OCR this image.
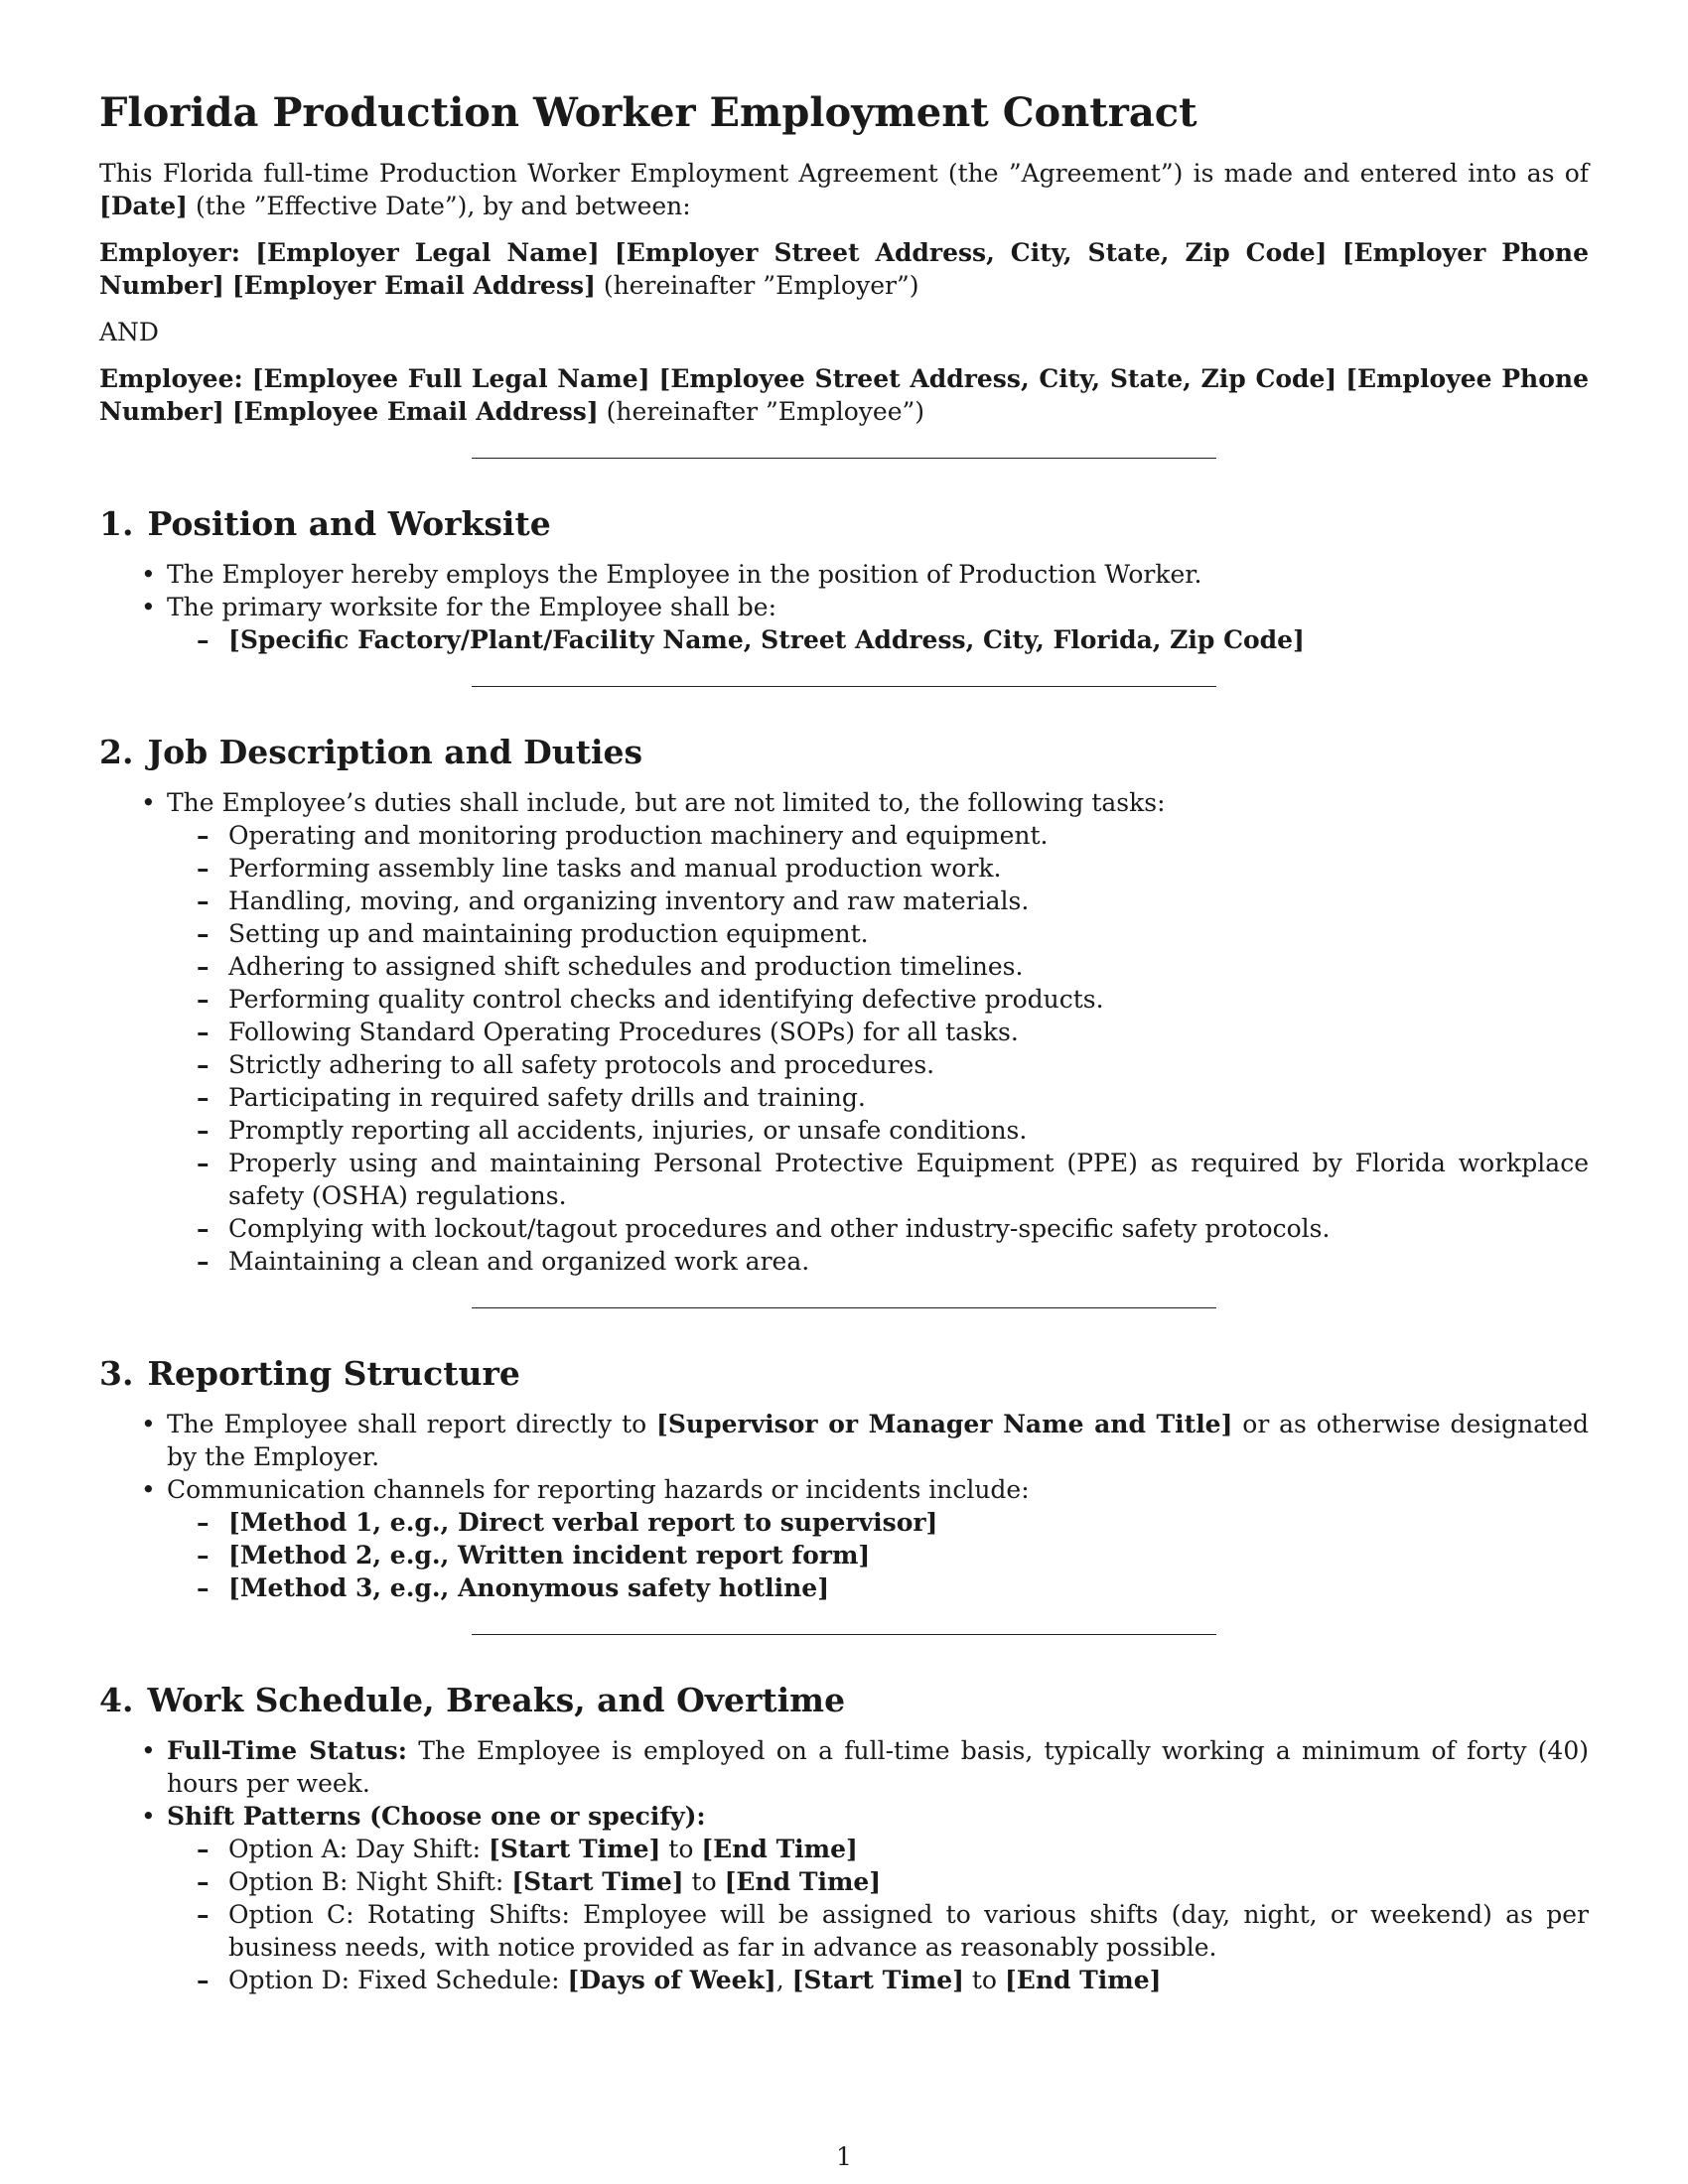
Florida Production Worker Employment Contract

This Florida full-time Production Worker Employment Agreement (the ”Agreement”) is made and entered into as of [Date] (the ”Effective Date”), by and between:

Employer: [Employer Legal Name] [Employer Street Address, City, State, Zip Code] [Employer Phone Number] [Employer Email Address] (hereinafter ”Employer”)

AND

Employee: [Employee Full Legal Name] [Employee Street Address, City, State, Zip Code] [Employee Phone Number] [Employee Email Address] (hereinafter ”Employee”)

1. Position and Worksite
• The Employer hereby employs the Employee in the position of Production Worker.
• The primary worksite for the Employee shall be:
– [Specific Factory/Plant/Facility Name, Street Address, City, Florida, Zip Code]
2. Job Description and Duties
• The Employee’s duties shall include, but are not limited to, the following tasks:
– Operating and monitoring production machinery and equipment.
– Performing assembly line tasks and manual production work.
– Handling, moving, and organizing inventory and raw materials.
– Setting up and maintaining production equipment.
– Adhering to assigned shift schedules and production timelines.
– Performing quality control checks and identifying defective products.
– Following Standard Operating Procedures (SOPs) for all tasks.
– Strictly adhering to all safety protocols and procedures.
– Participating in required safety drills and training.
– Promptly reporting all accidents, injuries, or unsafe conditions.
– Properly using and maintaining Personal Protective Equipment (PPE) as required by Florida workplace safety (OSHA) regulations.
– Complying with lockout/tagout procedures and other industry-specific safety protocols.
– Maintaining a clean and organized work area.
3. Reporting Structure
• The Employee shall report directly to [Supervisor or Manager Name and Title] or as otherwise designated by the Employer.
• Communication channels for reporting hazards or incidents include:
– [Method 1, e.g., Direct verbal report to supervisor]
– [Method 2, e.g., Written incident report form]
– [Method 3, e.g., Anonymous safety hotline]
4. Work Schedule, Breaks, and Overtime
• Full-Time Status: The Employee is employed on a full-time basis, typically working a minimum of forty (40) hours per week.
• Shift Patterns (Choose one or specify):
– Option A: Day Shift: [Start Time] to [End Time]
– Option B: Night Shift: [Start Time] to [End Time]
– Option C: Rotating Shifts: Employee will be assigned to various shifts (day, night, or weekend) as per business needs, with notice provided as far in advance as reasonably possible.
– Option D: Fixed Schedule: [Days of Week], [Start Time] to [End Time]
1
